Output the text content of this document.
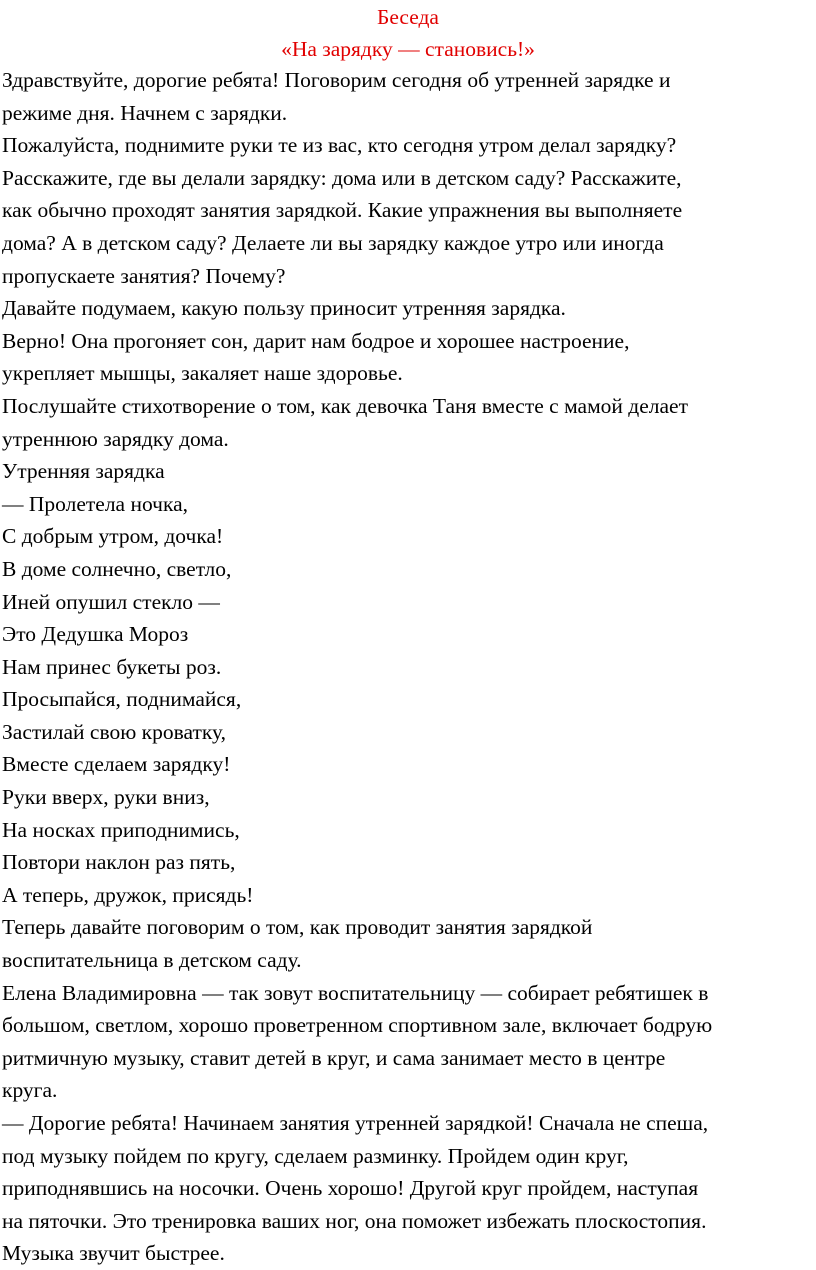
Беседа
«На зарядку — становись!»
Здравствуйте, дорогие ребята! Поговорим сегодня об утренней зарядке и
режиме дня. Начнем с зарядки.
Пожалуйста, поднимите руки те из вас, кто сегодня утром делал зарядку?
Расскажите, где вы делали зарядку: дома или в детском саду? Расскажите,
как обычно проходят занятия зарядкой. Какие упражнения вы выполняете
дома? А в детском саду? Делаете ли вы зарядку каждое утро или иногда
пропускаете занятия? Почему?
Давайте подумаем, какую пользу приносит утренняя зарядка.
Верно! Она прогоняет сон, дарит нам бодрое и хорошее настроение,
укрепляет мышцы, закаляет наше здоровье.
Послушайте стихотворение о том, как девочка Таня вместе с мамой делает
утреннюю зарядку дома.
Утренняя зарядка
— Пролетела ночка,
С добрым утром, дочка!
В доме солнечно, светло,
Иней опушил стекло —
Это Дедушка Мороз
Нам принес букеты роз.
Просыпайся, поднимайся,
Застилай свою кроватку,
Вместе сделаем зарядку!
Руки вверх, руки вниз,
На носках приподнимись,
Повтори наклон раз пять,
А теперь, дружок, присядь!
Теперь давайте поговорим о том, как проводит занятия зарядкой
воспитательница в детском саду.
Елена Владимировна — так зовут воспитательницу — собирает ребятишек в
большом, светлом, хорошо проветренном спортивном зале, включает бодрую
ритмичную музыку, ставит детей в круг, и сама занимает место в центре
круга.
— Дорогие ребята! Начинаем занятия утренней зарядкой! Сначала не спеша,
под музыку пойдем по кругу, сделаем разминку. Пройдем один круг,
приподнявшись на носочки. Очень хорошо! Другой круг пройдем, наступая
на пяточки. Это тренировка ваших ног, она поможет избежать плоскостопия.
Музыка звучит быстрее.
